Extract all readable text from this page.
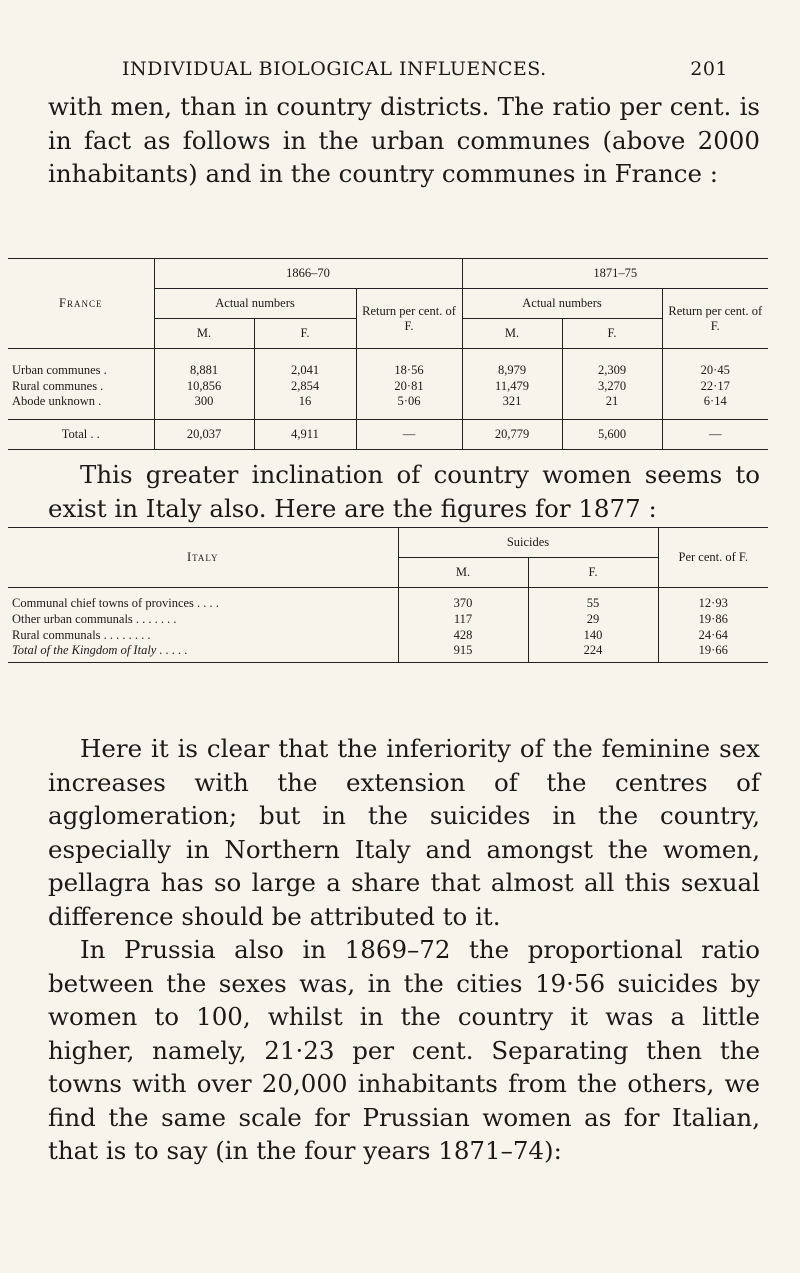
INDIVIDUAL BIOLOGICAL INFLUENCES.	201

with men, than in country districts. The ratio per cent. is in fact as follows in the urban communes (above 2000 inhabitants) and in the country communes in France :

France	1866–70			1871–75		
	Actual numbers		Return per cent. of F.	Actual numbers		Return per cent. of F.
	M.	F.		M.	F.	
Urban communes .	8,881	2,041	18·56	8,979	2,309	20·45
Rural communes .	10,856	2,854	20·81	11,479	3,270	22·17
Abode unknown .	300	16	5·06	321	21	6·14
Total . .	20,037	4,911	—	20,779	5,600	—

This greater inclination of country women seems to exist in Italy also. Here are the figures for 1877 :

Italy	Suicides		Per cent. of F.
	M.	F.	
Communal chief towns of provinces . . . .	370	55	12·93
Other urban communals . . . . . . .	117	29	19·86
Rural communals . . . . . . . .	428	140	24·64
Total of the Kingdom of Italy . . . . .	915	224	19·66

Here it is clear that the inferiority of the feminine sex increases with the extension of the centres of agglomeration; but in the suicides in the country, especially in Northern Italy and amongst the women, pellagra has so large a share that almost all this sexual difference should be attributed to it.

In Prussia also in 1869–72 the proportional ratio between the sexes was, in the cities 19·56 suicides by women to 100, whilst in the country it was a little higher, namely, 21·23 per cent. Separating then the towns with over 20,000 inhabitants from the others, we find the same scale for Prussian women as for Italian, that is to say (in the four years 1871–74):
